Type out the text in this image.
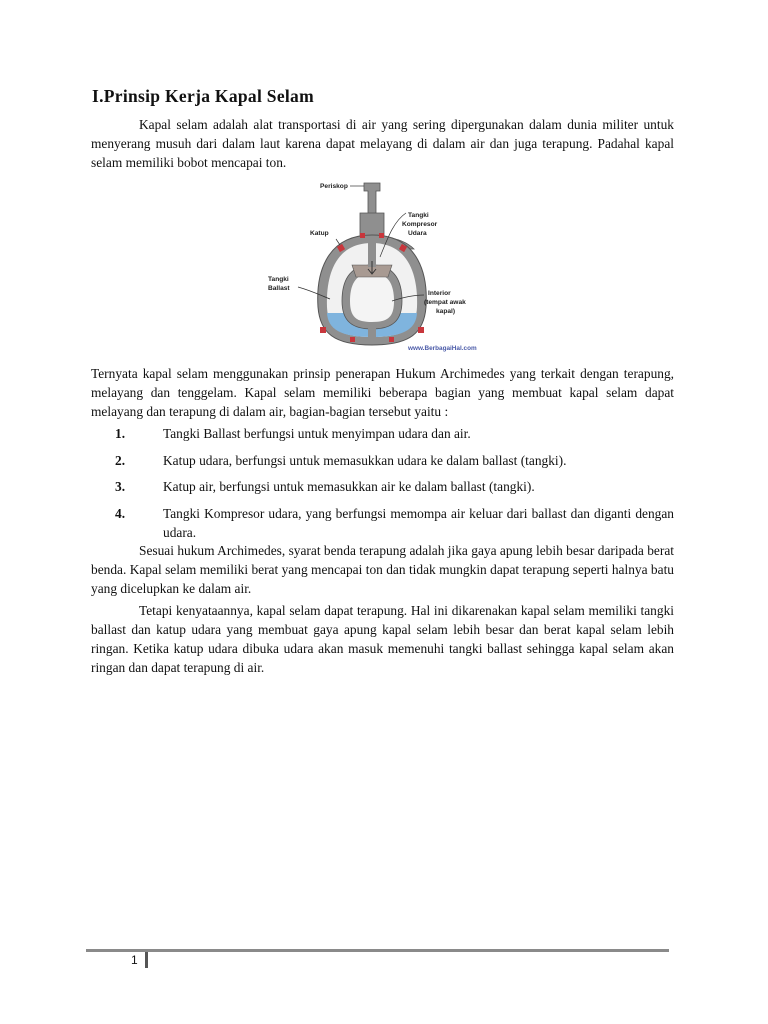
I.Prinsip Kerja Kapal Selam
Kapal selam adalah alat transportasi di air yang sering dipergunakan dalam dunia militer untuk menyerang musuh dari dalam laut karena dapat melayang di dalam air dan juga terapung. Padahal kapal selam memiliki bobot mencapai ton.
Periskop
Tangki
Kompresor
Udara
Katup
Tangki
Ballast
Interior
(tempat awak
kapal)
www.BerbagaiHal.com
Ternyata kapal selam menggunakan prinsip penerapan Hukum Archimedes yang terkait dengan terapung, melayang dan tenggelam. Kapal selam memiliki beberapa bagian yang membuat kapal selam dapat melayang dan terapung di dalam air, bagian-bagian tersebut yaitu :
1.	Tangki Ballast berfungsi untuk menyimpan udara dan air.
2.	Katup udara, berfungsi untuk memasukkan udara ke dalam ballast (tangki).
3.	Katup air, berfungsi untuk memasukkan air ke dalam ballast (tangki).
4.	Tangki Kompresor udara, yang berfungsi memompa air keluar dari ballast dan diganti dengan udara.
Sesuai hukum Archimedes, syarat benda terapung adalah jika gaya apung lebih besar daripada berat benda. Kapal selam memiliki berat yang mencapai ton dan tidak mungkin dapat terapung seperti halnya batu yang dicelupkan ke dalam air.
Tetapi kenyataannya, kapal selam dapat terapung. Hal ini dikarenakan kapal selam memiliki tangki ballast dan katup udara yang membuat gaya apung kapal selam lebih besar dan berat kapal selam lebih ringan. Ketika katup udara dibuka udara akan masuk memenuhi tangki ballast sehingga kapal selam akan ringan dan dapat terapung di air.
1
